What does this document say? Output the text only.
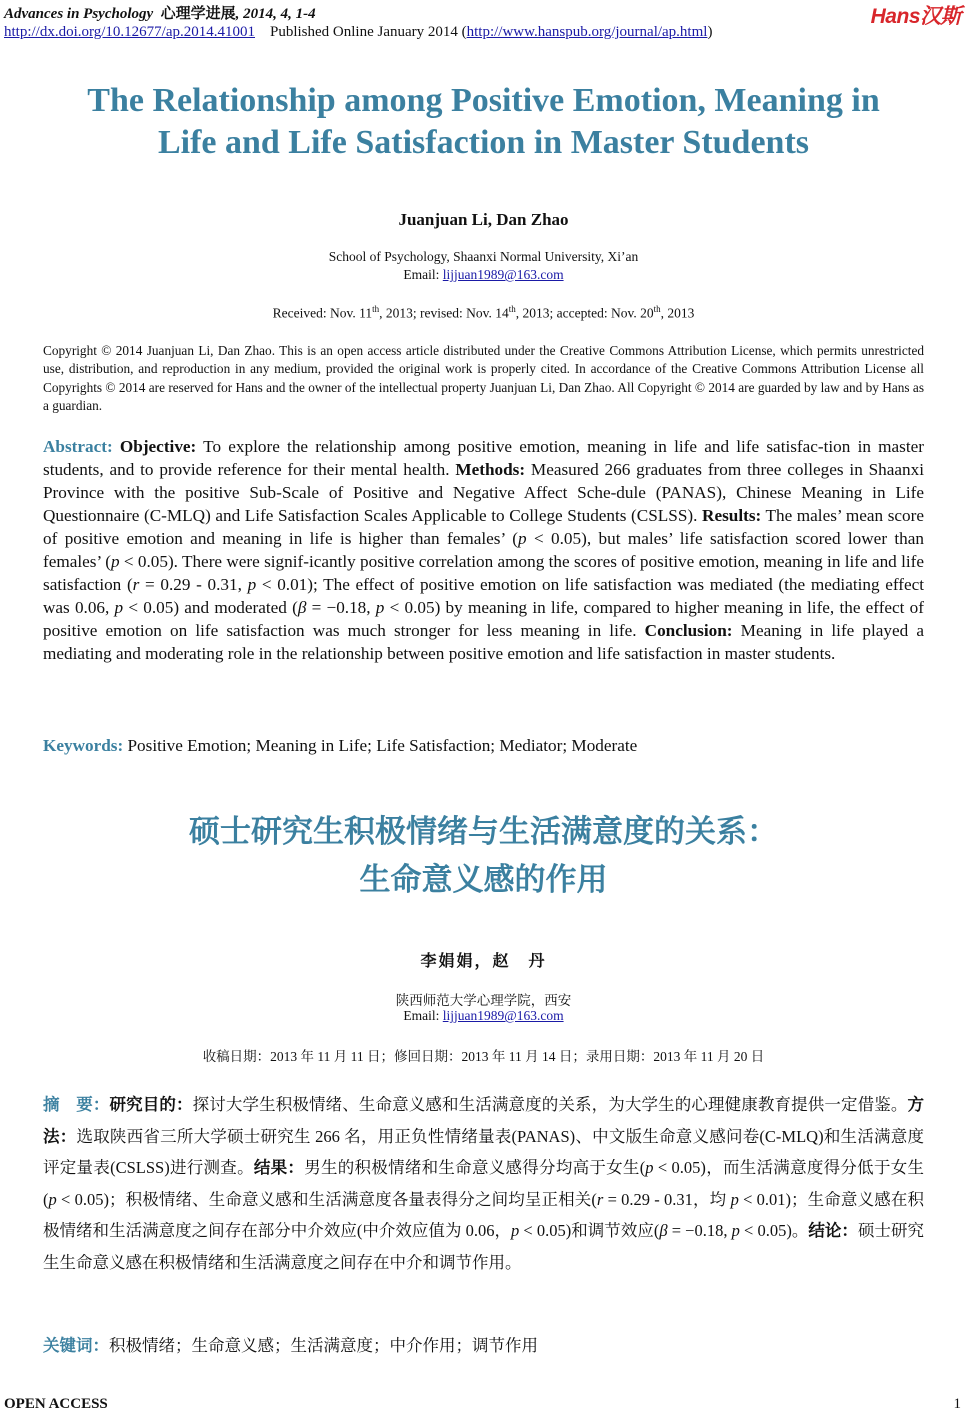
Advances in Psychology 心理学进展, 2014, 4, 1-4
http://dx.doi.org/10.12677/ap.2014.41001 Published Online January 2014 (http://www.hanspub.org/journal/ap.html)
Hans汉斯
The Relationship among Positive Emotion, Meaning in
Life and Life Satisfaction in Master Students
Juanjuan Li, Dan Zhao
School of Psychology, Shaanxi Normal University, Xi’an
Email: lijjuan1989@163.com
Received: Nov. 11th, 2013; revised: Nov. 14th, 2013; accepted: Nov. 20th, 2013
Copyright © 2014 Juanjuan Li, Dan Zhao. This is an open access article distributed under the Creative Commons Attribution License, which permits unrestricted use, distribution, and reproduction in any medium, provided the original work is properly cited. In accordance of the Creative Commons Attribution License all Copyrights © 2014 are reserved for Hans and the owner of the intellectual property Juanjuan Li, Dan Zhao. All Copyright © 2014 are guarded by law and by Hans as a guardian.
Abstract: Objective: To explore the relationship among positive emotion, meaning in life and life satisfac-tion in master students, and to provide reference for their mental health. Methods: Measured 266 graduates from three colleges in Shaanxi Province with the positive Sub-Scale of Positive and Negative Affect Sche-dule (PANAS), Chinese Meaning in Life Questionnaire (C-MLQ) and Life Satisfaction Scales Applicable to College Students (CSLSS). Results: The males’ mean score of positive emotion and meaning in life is higher than females’ (p < 0.05), but males’ life satisfaction scored lower than females’ (p < 0.05). There were signif-icantly positive correlation among the scores of positive emotion, meaning in life and life satisfaction (r = 0.29 - 0.31, p < 0.01); The effect of positive emotion on life satisfaction was mediated (the mediating effect was 0.06, p < 0.05) and moderated (β = −0.18, p < 0.05) by meaning in life, compared to higher meaning in life, the effect of positive emotion on life satisfaction was much stronger for less meaning in life. Conclusion: Meaning in life played a mediating and moderating role in the relationship between positive emotion and life satisfaction in master students.
Keywords: Positive Emotion; Meaning in Life; Life Satisfaction; Mediator; Moderate
硕士研究生积极情绪与生活满意度的关系：
生命意义感的作用
李娟娟，赵　丹
陕西师范大学心理学院，西安
Email: lijjuan1989@163.com
收稿日期：2013 年 11 月 11 日；修回日期：2013 年 11 月 14 日；录用日期：2013 年 11 月 20 日
摘　要：研究目的：探讨大学生积极情绪、生命意义感和生活满意度的关系，为大学生的心理健康教育提供一定借鉴。方法：选取陕西省三所大学硕士研究生 266 名，用正负性情绪量表(PANAS)、中文版生命意义感问卷(C-MLQ)和生活满意度评定量表(CSLSS)进行测查。结果：男生的积极情绪和生命意义感得分均高于女生(p < 0.05)，而生活满意度得分低于女生(p < 0.05)；积极情绪、生命意义感和生活满意度各量表得分之间均呈正相关(r = 0.29 - 0.31，均 p < 0.01)；生命意义感在积极情绪和生活满意度之间存在部分中介效应(中介效应值为 0.06，p < 0.05)和调节效应(β = −0.18, p < 0.05)。结论：硕士研究生生命意义感在积极情绪和生活满意度之间存在中介和调节作用。
关键词：积极情绪；生命意义感；生活满意度；中介作用；调节作用
OPEN ACCESS	1
